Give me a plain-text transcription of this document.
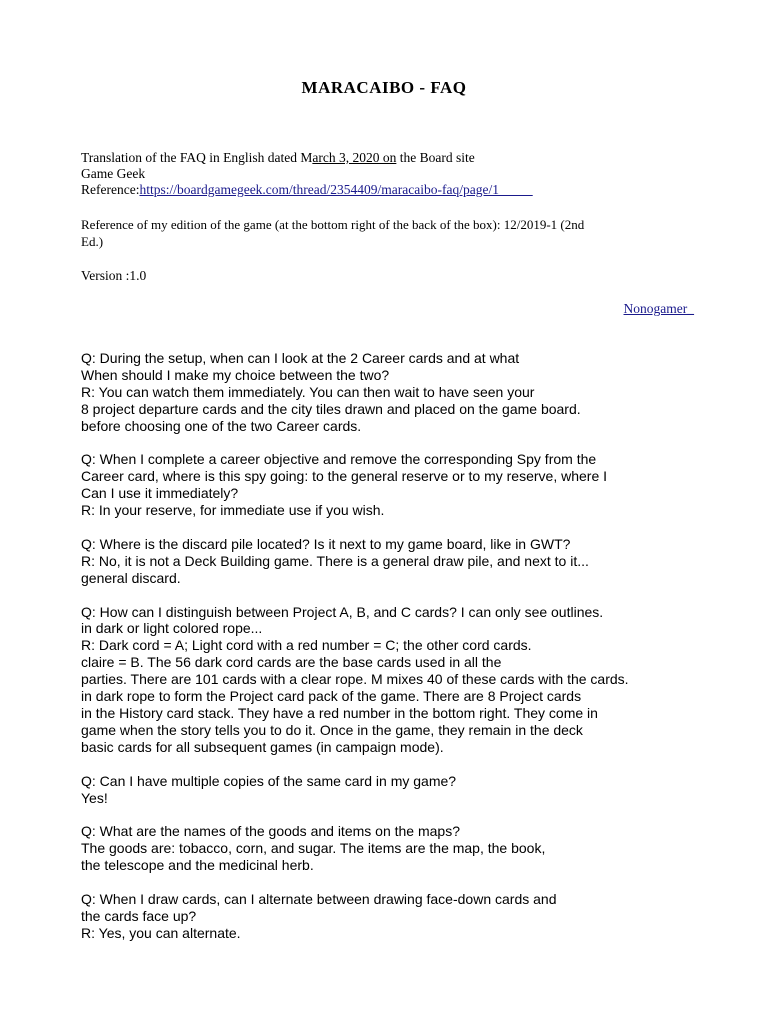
MARACAIBO - FAQ
Translation of the FAQ in English dated March 3, 2020 on the Board site
Game Geek
Reference:https://boardgamegeek.com/thread/2354409/maracaibo-faq/page/1
Reference of my edition of the game (at the bottom right of the back of the box): 12/2019-1 (2nd
Ed.)
Version :1.0
Nonogamer_
Q: During the setup, when can I look at the 2 Career cards and at what
When should I make my choice between the two?
R: You can watch them immediately. You can then wait to have seen your
8 project departure cards and the city tiles drawn and placed on the game board.
before choosing one of the two Career cards.
Q: When I complete a career objective and remove the corresponding Spy from the
Career card, where is this spy going: to the general reserve or to my reserve, where I
Can I use it immediately?
R: In your reserve, for immediate use if you wish.
Q: Where is the discard pile located? Is it next to my game board, like in GWT?
R: No, it is not a Deck Building game. There is a general draw pile, and next to it...
general discard.
Q: How can I distinguish between Project A, B, and C cards? I can only see outlines.
in dark or light colored rope...
R: Dark cord = A; Light cord with a red number = C; the other cord cards.
claire = B. The 56 dark cord cards are the base cards used in all the
parties. There are 101 cards with a clear rope. M mixes 40 of these cards with the cards.
in dark rope to form the Project card pack of the game. There are 8 Project cards
in the History card stack. They have a red number in the bottom right. They come in
game when the story tells you to do it. Once in the game, they remain in the deck
basic cards for all subsequent games (in campaign mode).
Q: Can I have multiple copies of the same card in my game?
Yes!
Q: What are the names of the goods and items on the maps?
The goods are: tobacco, corn, and sugar. The items are the map, the book,
the telescope and the medicinal herb.
Q: When I draw cards, can I alternate between drawing face-down cards and
the cards face up?
R: Yes, you can alternate.
